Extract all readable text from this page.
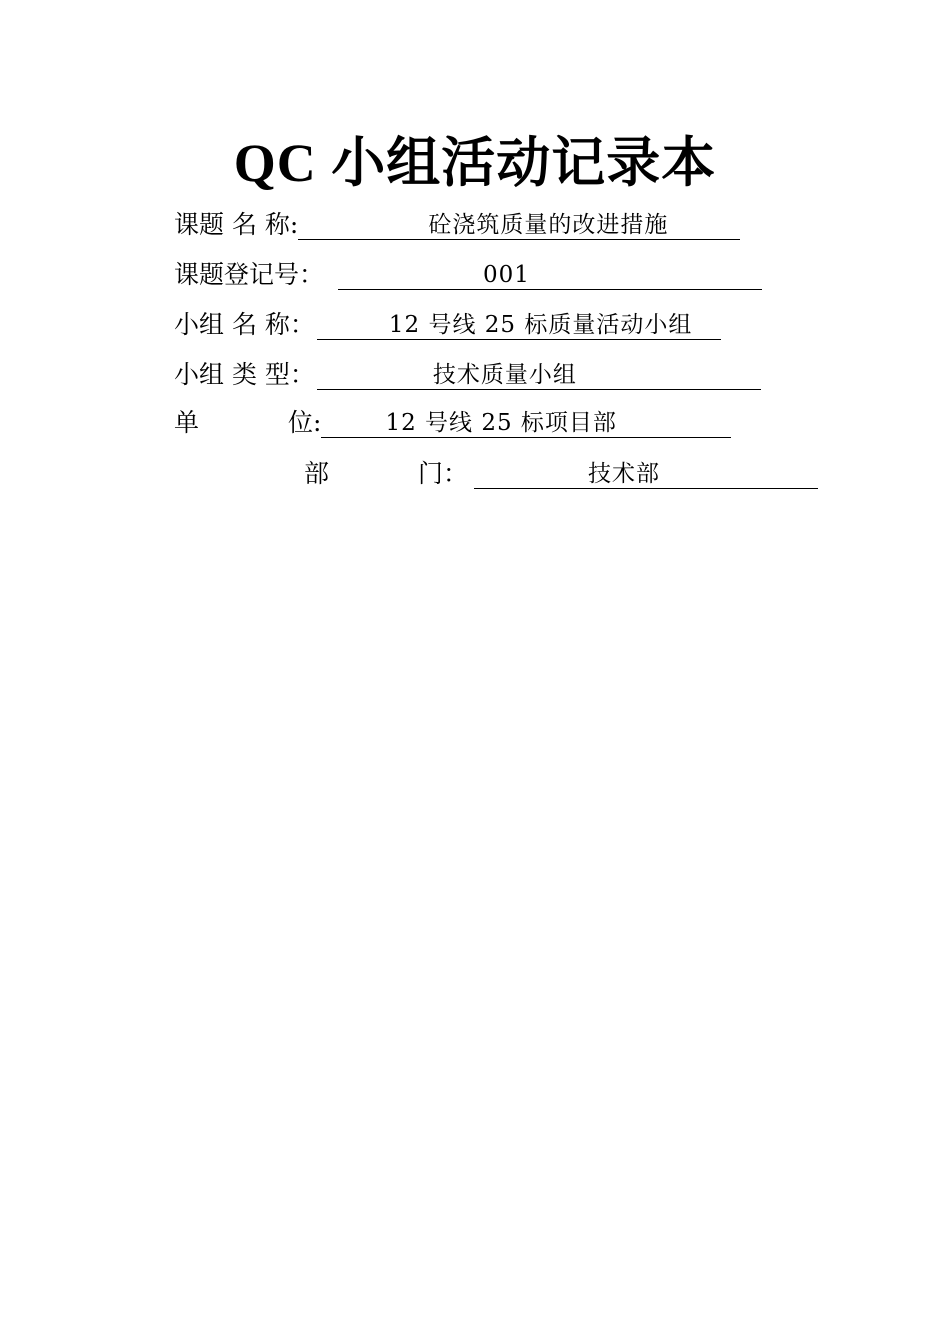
QC 小组活动记录本
课题 名 称:	砼浇筑质量的改进措施
课题登记号：	001
小组 名 称：	12 号线 25 标质量活动小组
小组 类 型：	技术质量小组
单	位:	12 号线 25 标项目部
部	门：	技术部
